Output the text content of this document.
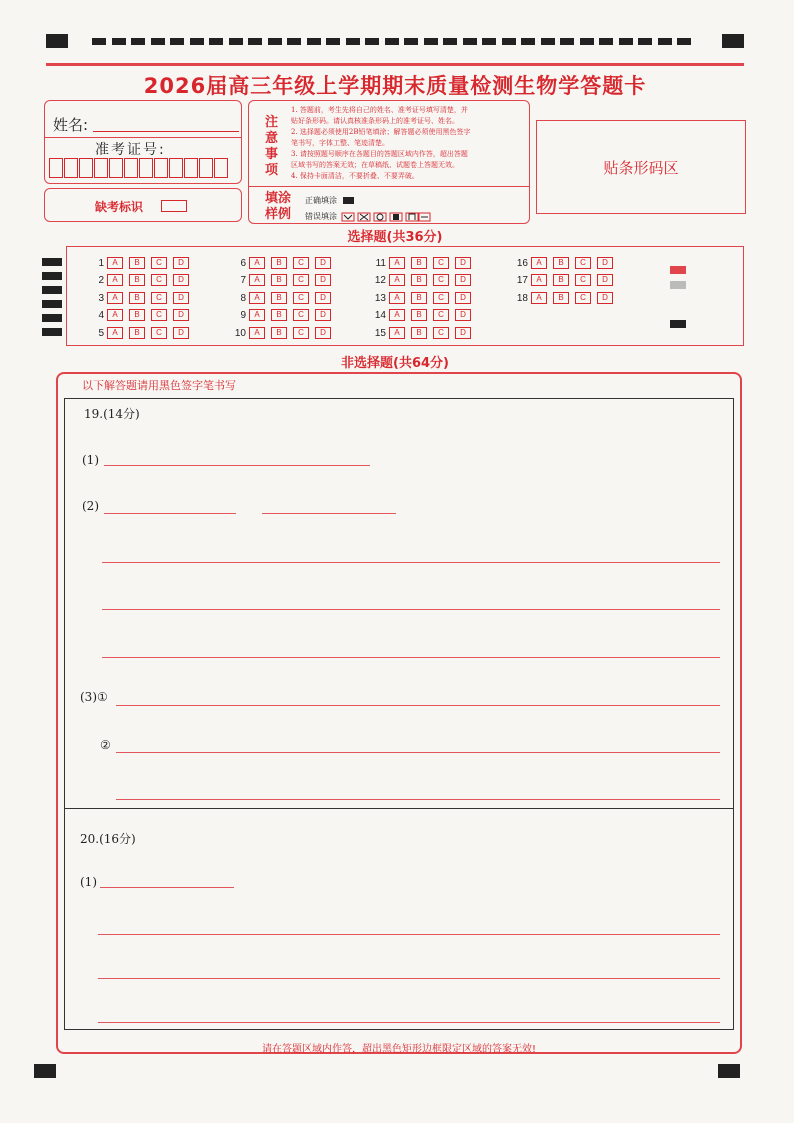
2026届高三年级上学期期末质量检测生物学答题卡
姓名:
准考证号:
缺考标识
注
意
事
项
1. 答题前，考生先将自己的姓名、准考证号填写清楚，并
贴好条形码。请认真核准条形码上的准考证号、姓名。
2. 选择题必须使用2B铅笔填涂；解答题必须使用黑色签字
笔书写，字体工整、笔迹清楚。
3. 请按照题号顺序在各题目的答题区域内作答，超出答题
区域书写的答案无效；在草稿纸、试题卷上答题无效。
4. 保持卡面清洁，不要折叠、不要弄破。
填涂
样例
正确填涂
错误填涂
贴条形码区
选择题(共36分)
非选择题(共64分)
以下解答题请用黑色签字笔书写
19.(14分)
(1)
(2)
(3)①
②
20.(16分)
(1)
请在答题区域内作答，超出黑色矩形边框限定区域的答案无效!
1	A	B	C	D
2	A	B	C	D
3	A	B	C	D
4	A	B	C	D
5	A	B	C	D
6	A	B	C	D
7	A	B	C	D
8	A	B	C	D
9	A	B	C	D
10	A	B	C	D
11	A	B	C	D
12	A	B	C	D
13	A	B	C	D
14	A	B	C	D
15	A	B	C	D
16	A	B	C	D
17	A	B	C	D
18	A	B	C	D
